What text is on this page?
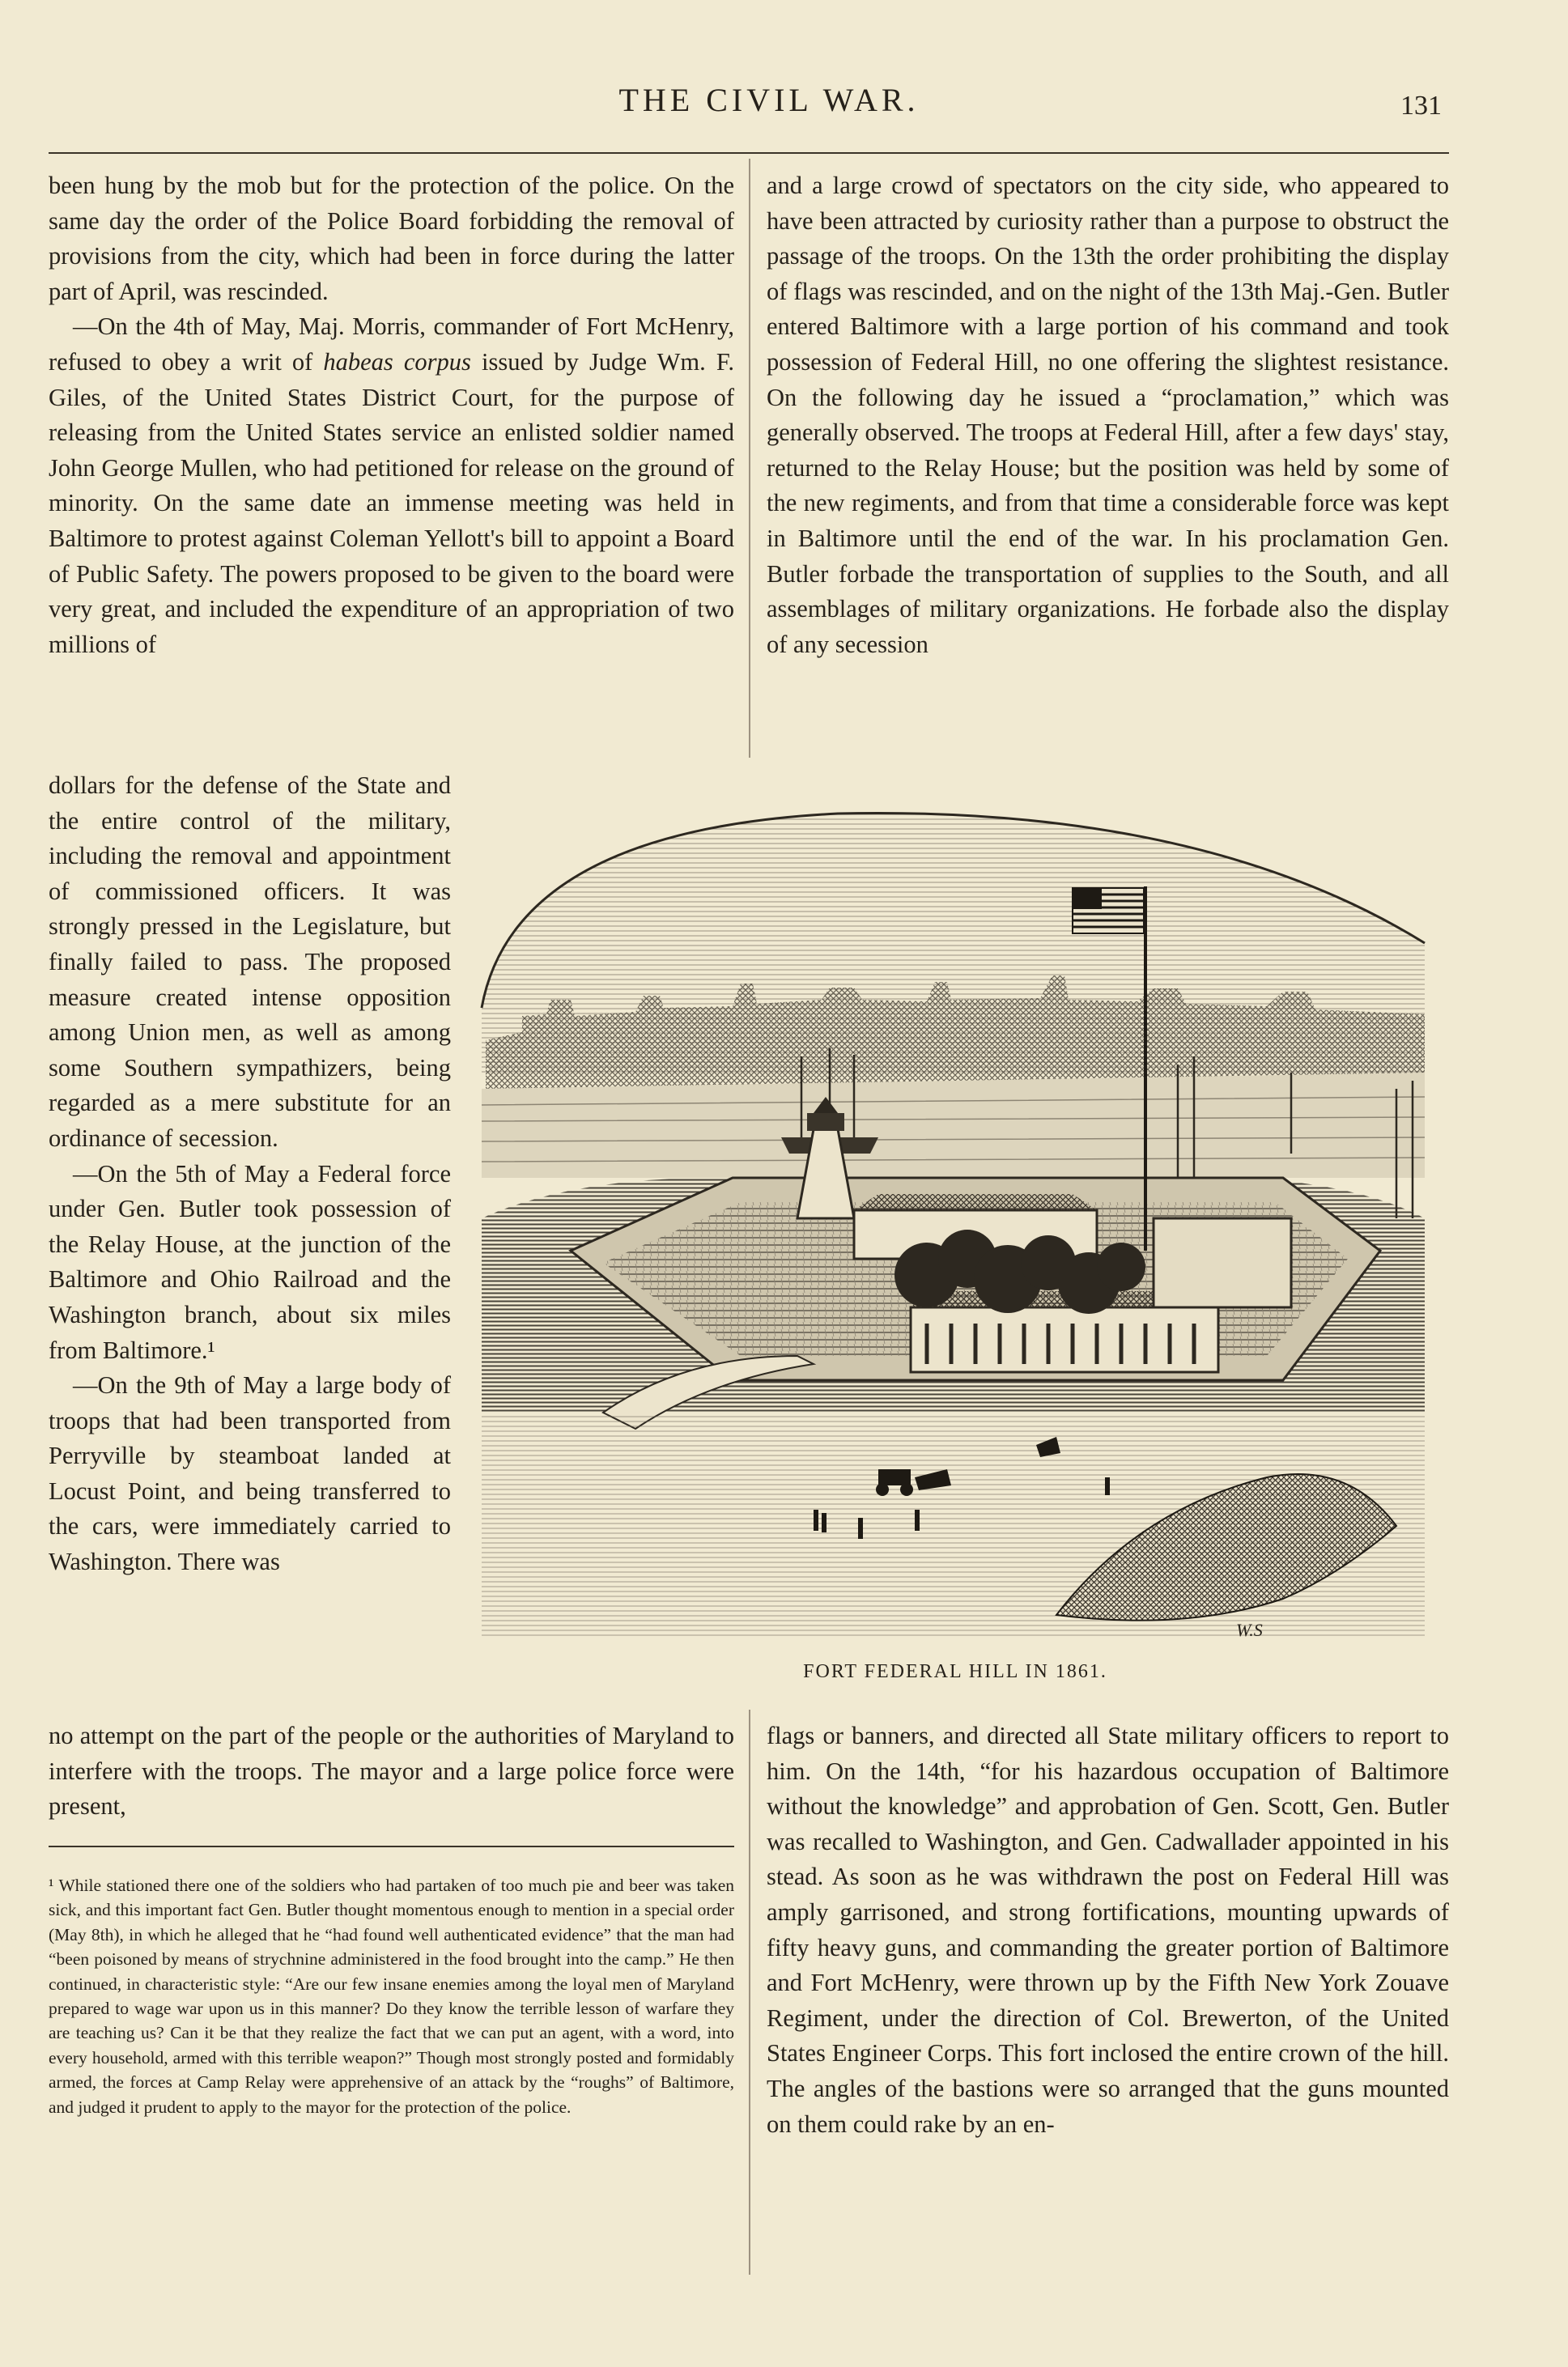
THE CIVIL WAR.	131

been hung by the mob but for the protection of the police. On the same day the order of the Police Board forbidding the removal of provisions from the city, which had been in force during the latter part of April, was rescinded.

—On the 4th of May, Maj. Morris, commander of Fort McHenry, refused to obey a writ of habeas corpus issued by Judge Wm. F. Giles, of the United States District Court, for the purpose of releasing from the United States service an enlisted soldier named John George Mullen, who had petitioned for release on the ground of minority. On the same date an immense meeting was held in Baltimore to protest against Coleman Yellott's bill to appoint a Board of Public Safety. The powers proposed to be given to the board were very great, and included the expenditure of an appropriation of two millions of

dollars for the defense of the State and the entire control of the military, including the removal and appointment of commissioned officers. It was strongly pressed in the Legislature, but finally failed to pass. The proposed measure created intense opposition among Union men, as well as among some Southern sympathizers, being regarded as a mere substitute for an ordinance of secession.

—On the 5th of May a Federal force under Gen. Butler took possession of the Relay House, at the junction of the Baltimore and Ohio Railroad and the Washington branch, about six miles from Baltimore.¹

—On the 9th of May a large body of troops that had been transported from Perryville by steamboat landed at Locust Point, and being transferred to the cars, were immediately carried to Washington. There was

no attempt on the part of the people or the authorities of Maryland to interfere with the troops. The mayor and a large police force were present,

and a large crowd of spectators on the city side, who appeared to have been attracted by curiosity rather than a purpose to obstruct the passage of the troops. On the 13th the order prohibiting the display of flags was rescinded, and on the night of the 13th Maj.-Gen. Butler entered Baltimore with a large portion of his command and took possession of Federal Hill, no one offering the slightest resistance. On the following day he issued a “proclamation,” which was generally observed. The troops at Federal Hill, after a few days' stay, returned to the Relay House; but the position was held by some of the new regiments, and from that time a considerable force was kept in Baltimore until the end of the war. In his proclamation Gen. Butler forbade the transportation of supplies to the South, and all assemblages of military organizations. He forbade also the display of any secession

flags or banners, and directed all State military officers to report to him. On the 14th, “for his hazardous occupation of Baltimore without the knowledge” and approbation of Gen. Scott, Gen. Butler was recalled to Washington, and Gen. Cadwallader appointed in his stead. As soon as he was withdrawn the post on Federal Hill was amply garrisoned, and strong fortifications, mounting upwards of fifty heavy guns, and commanding the greater portion of Baltimore and Fort McHenry, were thrown up by the Fifth New York Zouave Regiment, under the direction of Col. Brewerton, of the United States Engineer Corps. This fort inclosed the entire crown of the hill. The angles of the bastions were so arranged that the guns mounted on them could rake by an en-

¹ While stationed there one of the soldiers who had partaken of too much pie and beer was taken sick, and this important fact Gen. Butler thought momentous enough to mention in a special order (May 8th), in which he alleged that he “had found well authenticated evidence” that the man had “been poisoned by means of strychnine administered in the food brought into the camp.” He then continued, in characteristic style: “Are our few insane enemies among the loyal men of Maryland prepared to wage war upon us in this manner? Do they know the terrible lesson of warfare they are teaching us? Can it be that they realize the fact that we can put an agent, with a word, into every household, armed with this terrible weapon?” Though most strongly posted and formidably armed, the forces at Camp Relay were apprehensive of an attack by the “roughs” of Baltimore, and judged it prudent to apply to the mayor for the protection of the police.

W.S
FORT FEDERAL HILL IN 1861.
